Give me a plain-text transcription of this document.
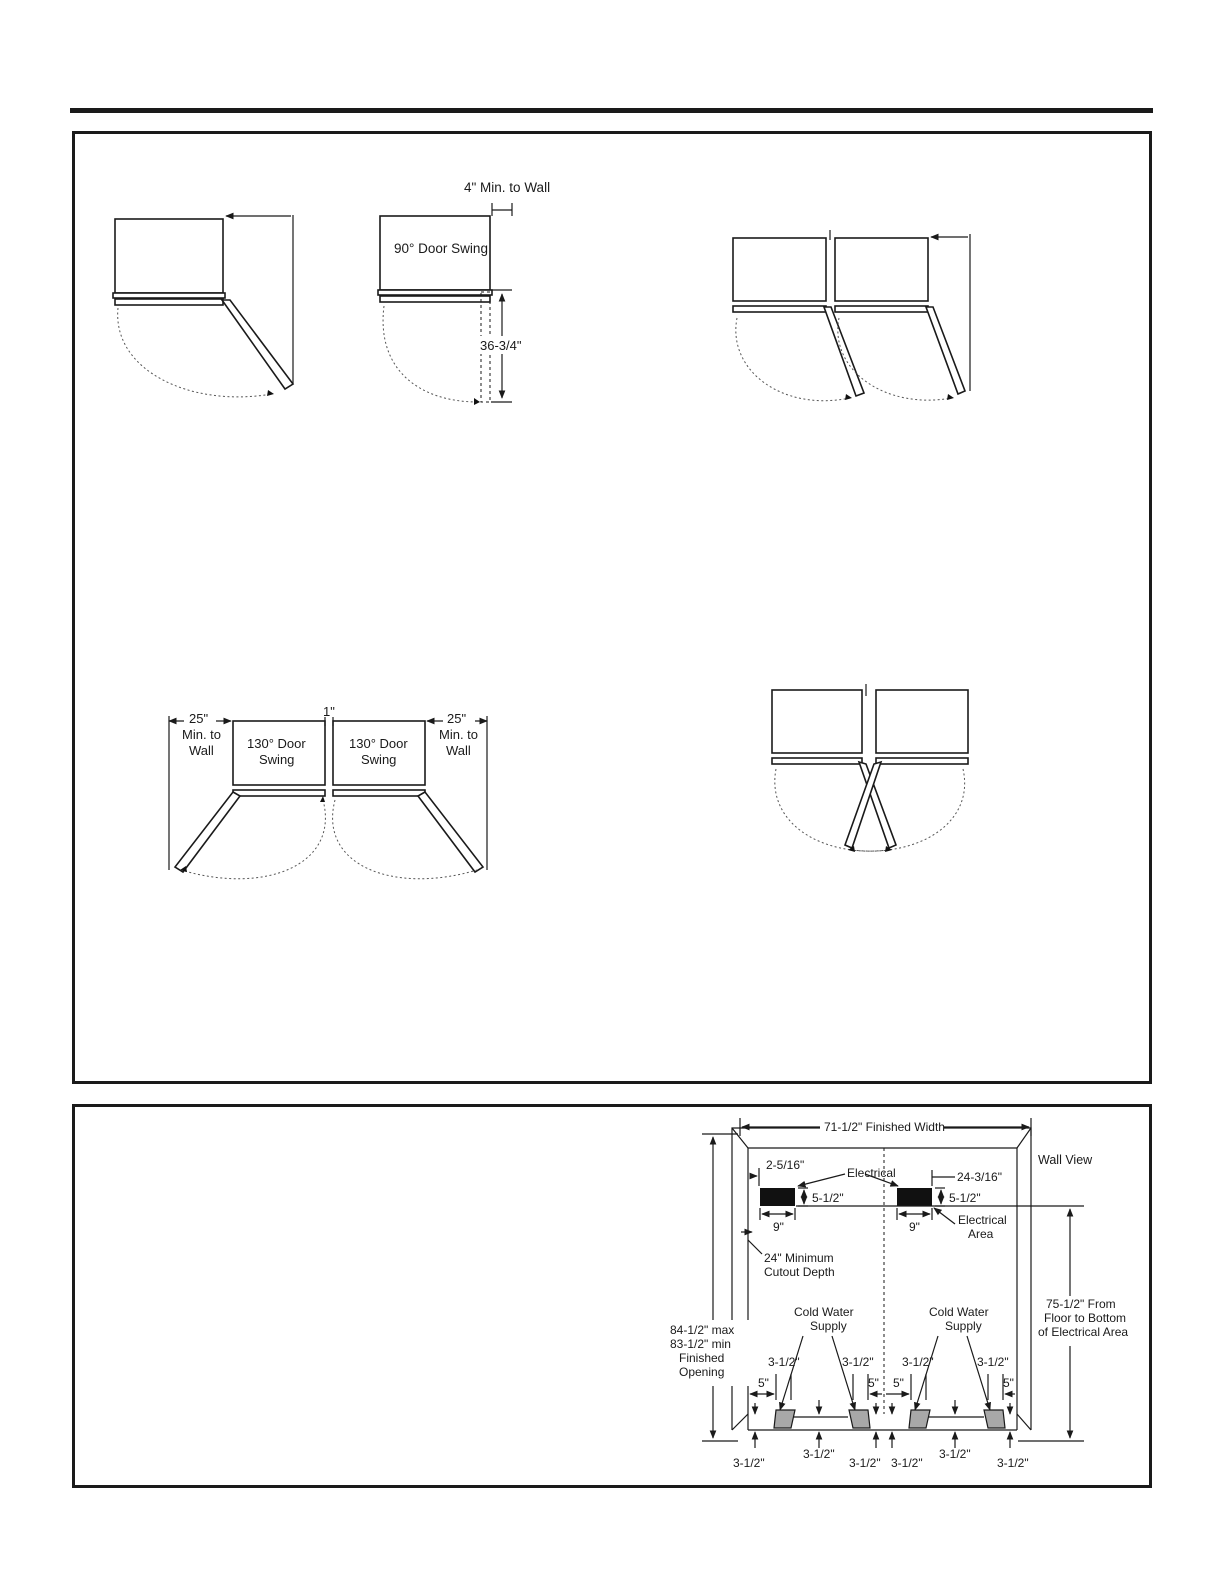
90° Door Swing
4" Min. to Wall
36-3/4"
130° Door
Swing
130° Door
Swing
1"
25"
Min. to
Wall
25"
Min. to
Wall
71-1/2" Finished Width
Wall View
84-1/2" max
83-1/2" min
Finished
Opening
24" Minimum
Cutout Depth
2-5/16"
Electrical	24-3/16"
5-1/2"	5-1/2"
9"	9"	Electrical
Area
75-1/2" From
Floor to Bottom
of Electrical Area
Cold Water
Supply
Cold Water
Supply
3-1/2"	3-1/2" 3-1/2"	3-1/2"
5"	5" 5"	5"
3-1/2"
3-1/2"
3-1/2" 3-1/2"
3-1/2"
3-1/2"
